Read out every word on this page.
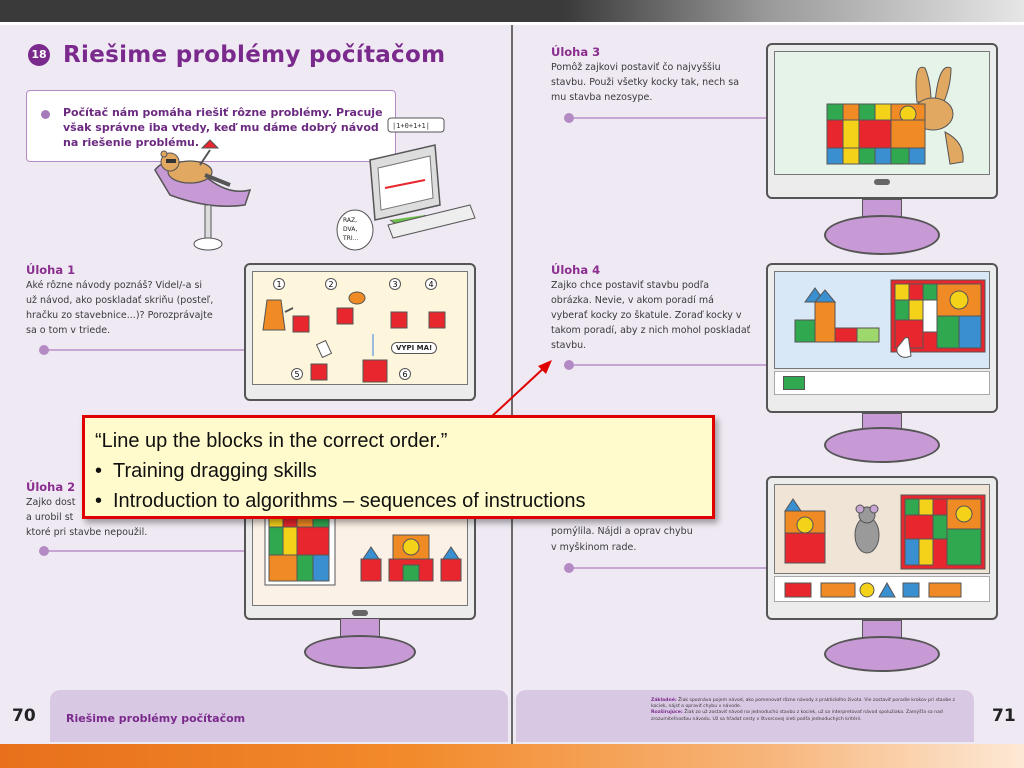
18 Riešime problémy počítačom
Počítač nám pomáha riešiť rôzne problémy. Pracuje však správne iba vtedy, keď mu dáme dobrý návod na riešenie problému.
|1+0+1+1|
RAZ,
DVA,
TRI...
Úloha 1
Aké rôzne návody poznáš? Videl/-a si už návod, ako poskladať skriňu (posteľ, hračku zo stavebnice...)? Porozprávajte sa o tom v triede.
VYPI MA!
1	2	3	4
5	6
Úloha 2
Zajko dost
a urobil st
ktoré pri stavbe nepoužil.
Úloha 3
Pomôž zajkovi postaviť čo najvyššiu stavbu. Použi všetky kocky tak, nech sa mu stavba nezosype.
Úloha 4
Zajko chce postaviť stavbu podľa obrázka. Nevie, v akom poradí má vyberať kocky zo škatule. Zoraď kocky v takom poradí, aby z nich mohol poskladať stavbu.
pomýlila. Nájdi a oprav chybu
v myškinom rade.
70	Riešime problémy počítačom	71
Základné: Žiak spoznáva pojem návod, ako pomenovať rôzne návody z praktického života. Vie zostaviť poradie krokov pri stavbe z kociek, nájsť a opraviť chybu v návode.
Rozširujúce: Žiak zo už zostaviť návod na jednoduchú stavbu z kociek, už sa interpretovať návod spolužiaka. Zamýšľa sa nad zrozumiteľnosťou návodu. Už sa hľadať cesty v štvorcovej sieti podľa jednoduchých kritérií.
“Line up the blocks in the correct order.”
• Training dragging skills
• Introduction to algorithms – sequences of instructions
